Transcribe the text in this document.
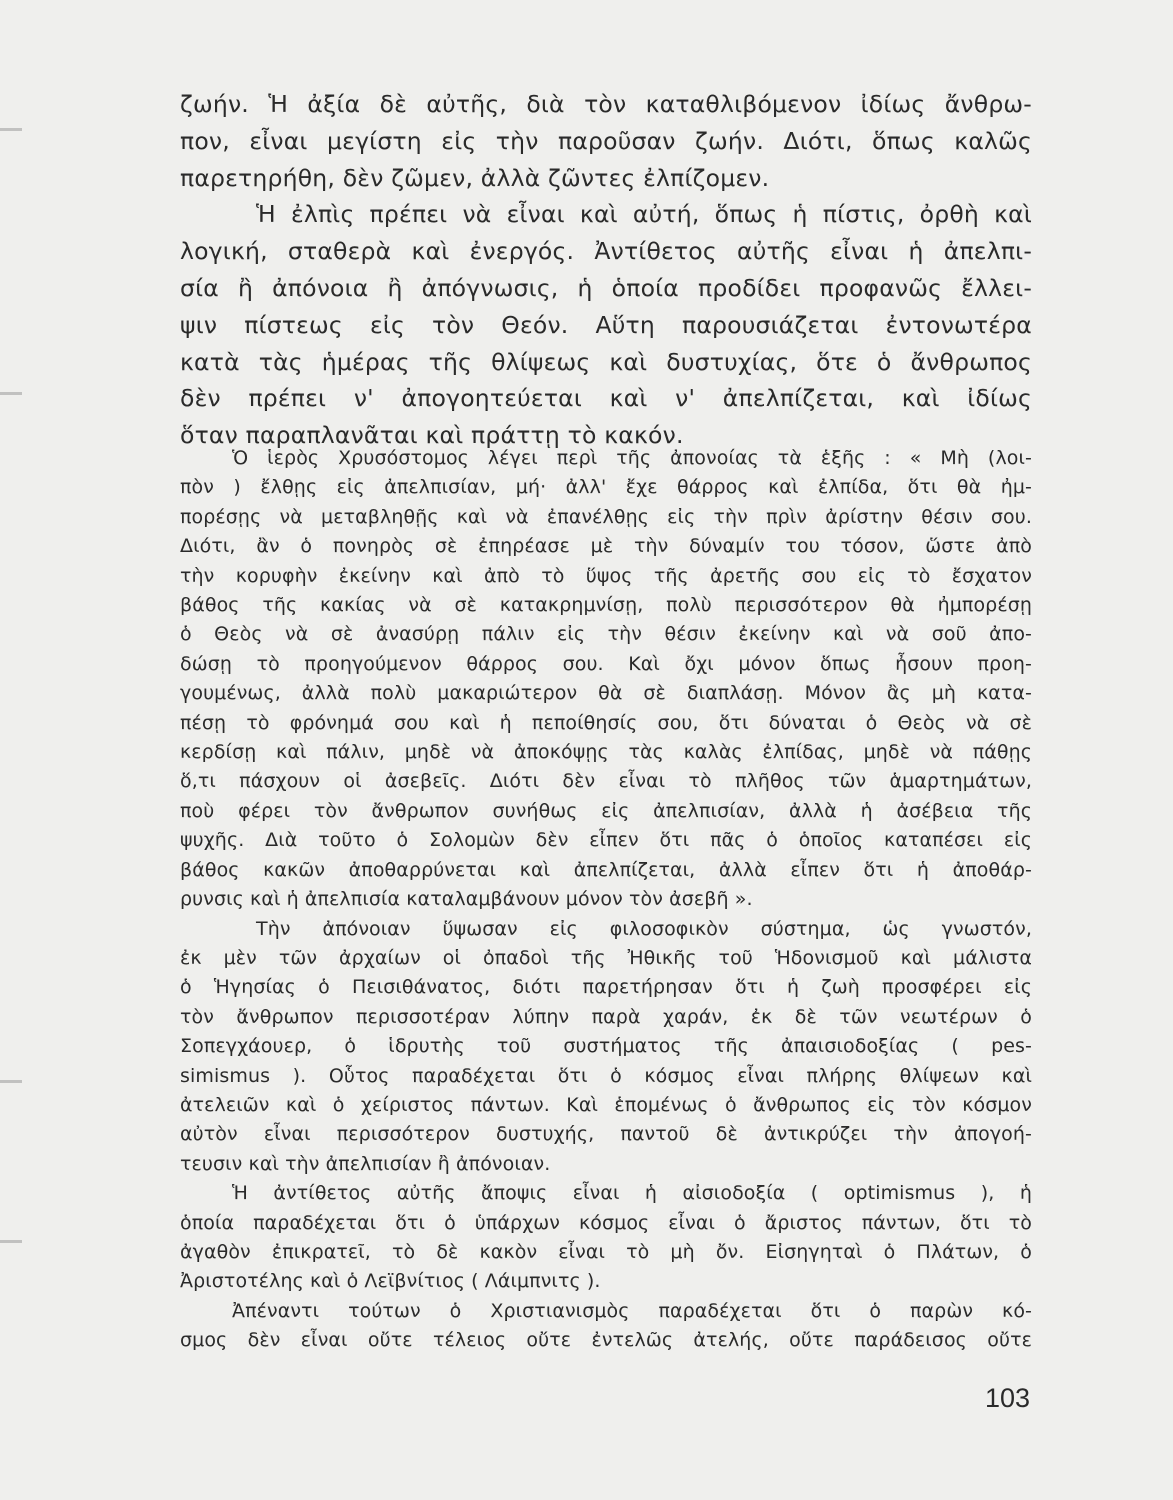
ζωήν. Ἡ ἀξία δὲ αὐτῆς, διὰ τὸν καταθλιβόμενον ἰδίως ἄνθρω-
πον, εἶναι μεγίστη εἰς τὴν παροῦσαν ζωήν. Διότι, ὅπως καλῶς
παρετηρήθη, δὲν ζῶμεν, ἀλλὰ ζῶντες ἐλπίζομεν.
Ἡ ἐλπὶς πρέπει νὰ εἶναι καὶ αὐτή, ὅπως ἡ πίστις, ὀρθὴ καὶ
λογική, σταθερὰ καὶ ἐνεργός. Ἀντίθετος αὐτῆς εἶναι ἡ ἀπελπι-
σία ἢ ἀπόνοια ἢ ἀπόγνωσις, ἡ ὁποία προδίδει προφανῶς ἔλλει-
ψιν πίστεως εἰς τὸν Θεόν. Αὕτη παρουσιάζεται ἐντονωτέρα
κατὰ τὰς ἡμέρας τῆς θλίψεως καὶ δυστυχίας, ὅτε ὁ ἄνθρωπος
δὲν πρέπει ν' ἀπογοητεύεται καὶ ν' ἀπελπίζεται, καὶ ἰδίως
ὅταν παραπλανᾶται καὶ πράττῃ τὸ κακόν.
Ὁ ἱερὸς Χρυσόστομος λέγει περὶ τῆς ἀπονοίας τὰ ἑξῆς : « Μὴ (λοι-
πὸν ) ἔλθῃς εἰς ἀπελπισίαν, μή· ἀλλ' ἔχε θάρρος καὶ ἐλπίδα, ὅτι θὰ ἠμ-
πορέσῃς νὰ μεταβληθῇς καὶ νὰ ἐπανέλθῃς εἰς τὴν πρὶν ἀρίστην θέσιν σου.
Διότι, ἂν ὁ πονηρὸς σὲ ἐπηρέασε μὲ τὴν δύναμίν του τόσον, ὥστε ἀπὸ
τὴν κορυφὴν ἐκείνην καὶ ἀπὸ τὸ ὕψος τῆς ἀρετῆς σου εἰς τὸ ἔσχατον
βάθος τῆς κακίας νὰ σὲ κατακρημνίσῃ, πολὺ περισσότερον θὰ ἠμπορέσῃ
ὁ Θεὸς νὰ σὲ ἀνασύρῃ πάλιν εἰς τὴν θέσιν ἐκείνην καὶ νὰ σοῦ ἀπο-
δώσῃ τὸ προηγούμενον θάρρος σου. Καὶ ὄχι μόνον ὅπως ἦσουν προη-
γουμένως, ἀλλὰ πολὺ μακαριώτερον θὰ σὲ διαπλάσῃ. Μόνον ἂς μὴ κατα-
πέσῃ τὸ φρόνημά σου καὶ ἡ πεποίθησίς σου, ὅτι δύναται ὁ Θεὸς νὰ σὲ
κερδίσῃ καὶ πάλιν, μηδὲ νὰ ἀποκόψῃς τὰς καλὰς ἐλπίδας, μηδὲ νὰ πάθῃς
ὅ,τι πάσχουν οἱ ἀσεβεῖς. Διότι δὲν εἶναι τὸ πλῆθος τῶν ἁμαρτημάτων,
ποὺ φέρει τὸν ἄνθρωπον συνήθως εἰς ἀπελπισίαν, ἀλλὰ ἡ ἀσέβεια τῆς
ψυχῆς. Διὰ τοῦτο ὁ Σολομὼν δὲν εἶπεν ὅτι πᾶς ὁ ὁποῖος καταπέσει εἰς
βάθος κακῶν ἀποθαρρύνεται καὶ ἀπελπίζεται, ἀλλὰ εἶπεν ὅτι ἡ ἀποθάρ-
ρυνσις καὶ ἡ ἀπελπισία καταλαμβάνουν μόνον τὸν ἀσεβῆ ».
Τὴν ἀπόνοιαν ὕψωσαν εἰς φιλοσοφικὸν σύστημα, ὡς γνωστόν,
ἐκ μὲν τῶν ἀρχαίων οἱ ὀπαδοὶ τῆς Ἠθικῆς τοῦ Ἡδονισμοῦ καὶ μάλιστα
ὁ Ἡγησίας ὁ Πεισιθάνατος, διότι παρετήρησαν ὅτι ἡ ζωὴ προσφέρει εἰς
τὸν ἄνθρωπον περισσοτέραν λύπην παρὰ χαράν, ἐκ δὲ τῶν νεωτέρων ὁ
Σοπεγχάουερ, ὁ ἱδρυτὴς τοῦ συστήματος τῆς ἀπαισιοδοξίας ( pes-
simismus ). Οὗτος παραδέχεται ὅτι ὁ κόσμος εἶναι πλήρης θλίψεων καὶ
ἀτελειῶν καὶ ὁ χείριστος πάντων. Καὶ ἑπομένως ὁ ἄνθρωπος εἰς τὸν κόσμον
αὐτὸν εἶναι περισσότερον δυστυχής, παντοῦ δὲ ἀντικρύζει τὴν ἀπογοή-
τευσιν καὶ τὴν ἀπελπισίαν ἢ ἀπόνοιαν.
Ἡ ἀντίθετος αὐτῆς ἄποψις εἶναι ἡ αἰσιοδοξία ( optimismus ), ἡ
ὁποία παραδέχεται ὅτι ὁ ὑπάρχων κόσμος εἶναι ὁ ἄριστος πάντων, ὅτι τὸ
ἀγαθὸν ἐπικρατεῖ, τὸ δὲ κακὸν εἶναι τὸ μὴ ὄν. Εἰσηγηταὶ ὁ Πλάτων, ὁ
Ἀριστοτέλης καὶ ὁ Λεϊβνίτιος ( Λάιμπνιτς ).
Ἀπέναντι τούτων ὁ Χριστιανισμὸς παραδέχεται ὅτι ὁ παρὼν κό-
σμος δὲν εἶναι οὔτε τέλειος οὔτε ἐντελῶς ἀτελής, οὔτε παράδεισος οὔτε
103
